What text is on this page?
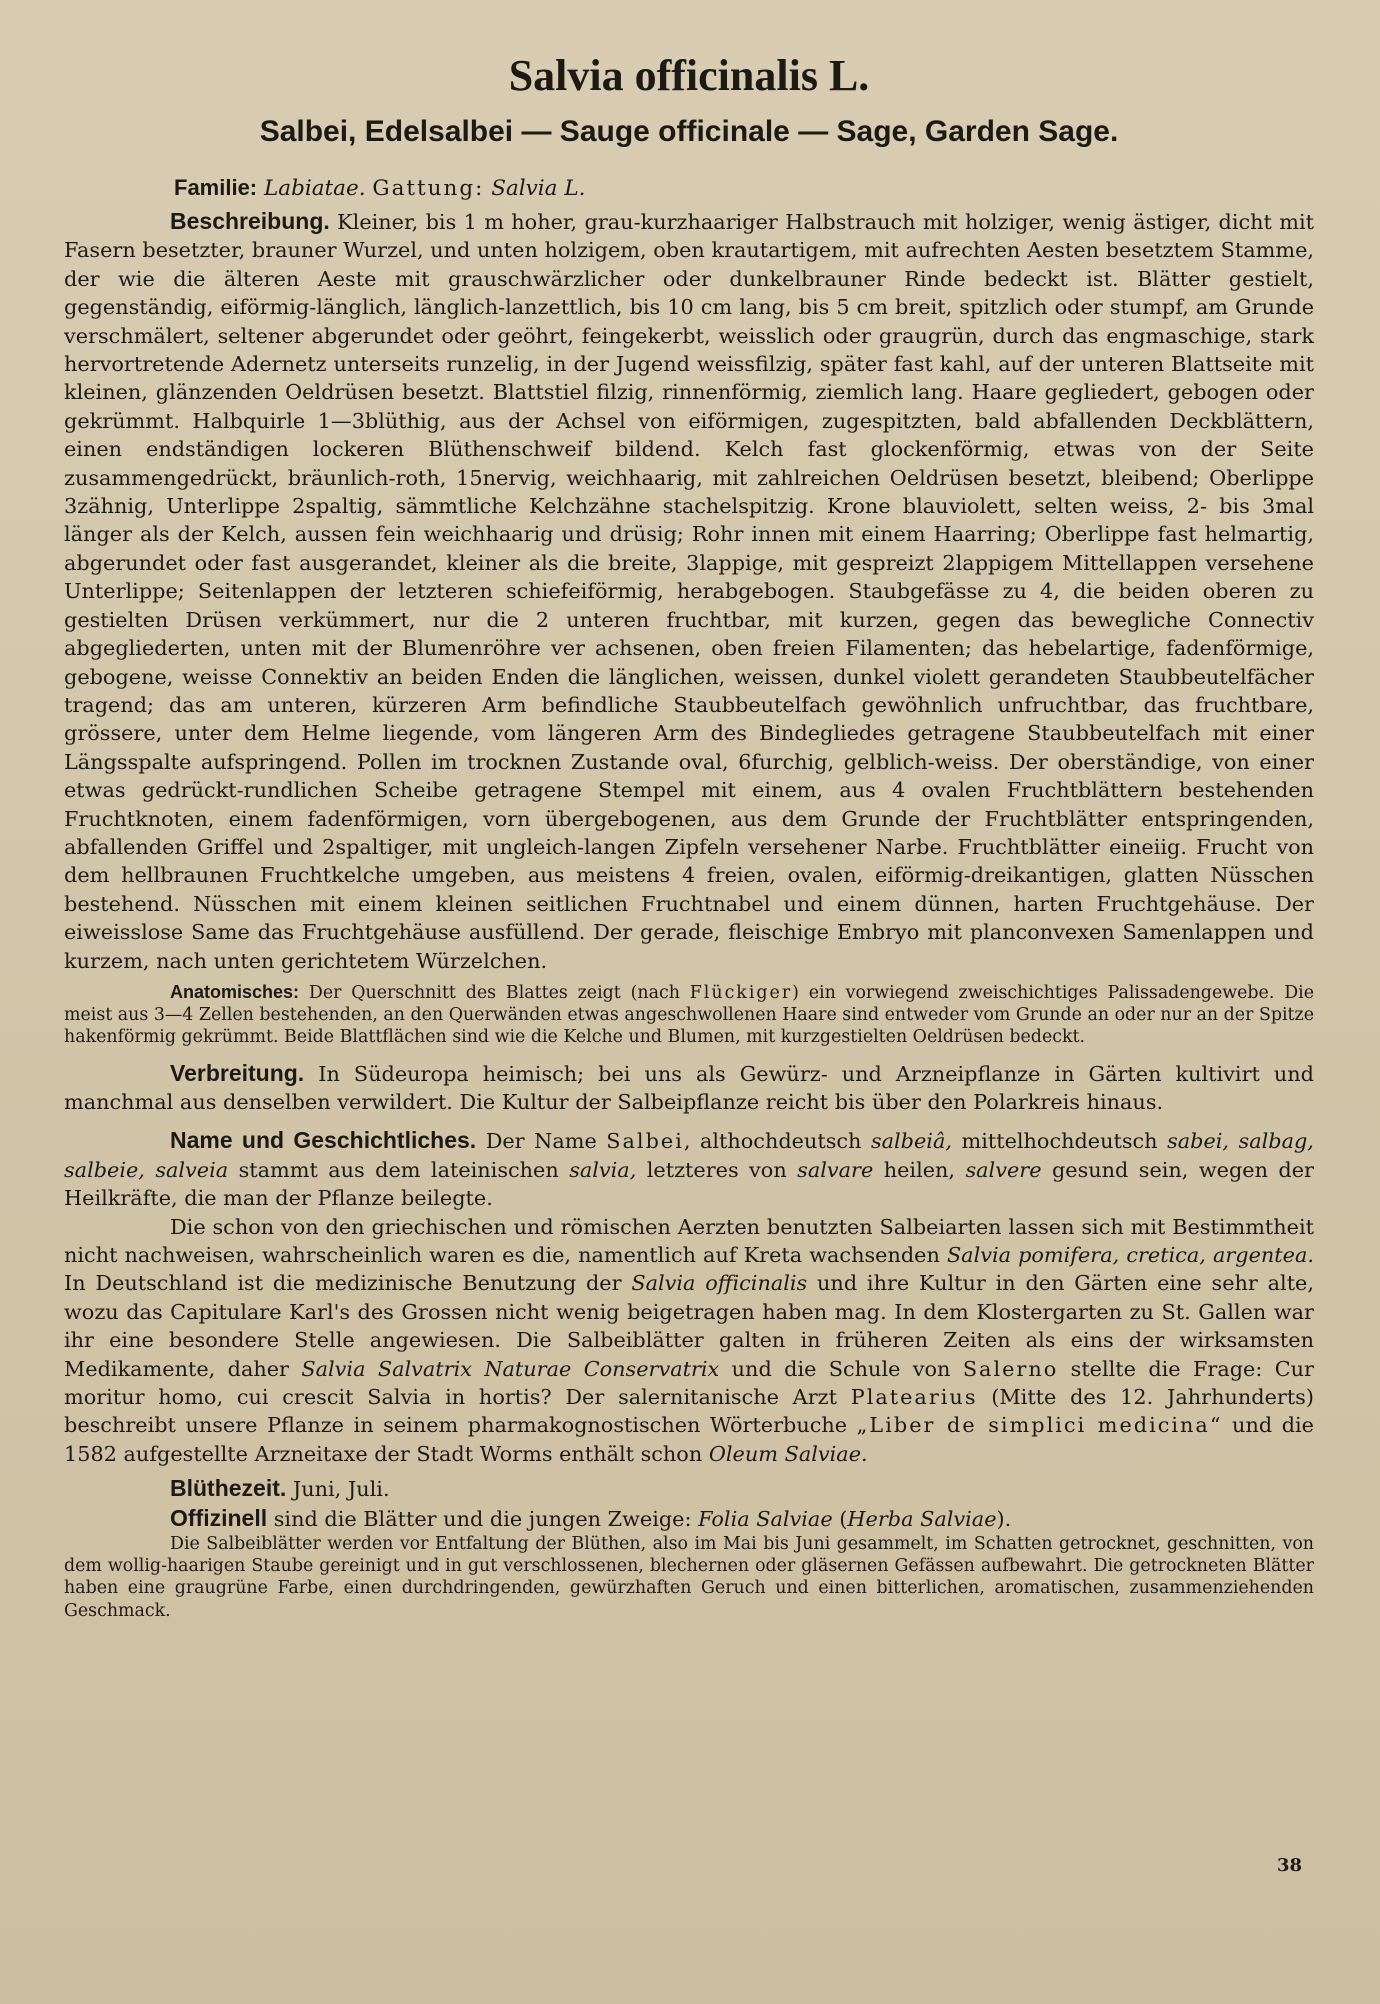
Salvia officinalis L.
Salbei, Edelsalbei — Sauge officinale — Sage, Garden Sage.
Familie: Labiatae. Gattung: Salvia L.

Beschreibung. Kleiner, bis 1 m hoher, grau-kurzhaariger Halbstrauch mit holziger, wenig ästiger, dicht mit Fasern besetzter, brauner Wurzel, und unten holzigem, oben krautartigem, mit aufrechten Aesten besetztem Stamme, der wie die älteren Aeste mit grauschwärzlicher oder dunkelbrauner Rinde bedeckt ist. Blätter gestielt, gegenständig, eiförmig-länglich, länglich-lanzettlich, bis 10 cm lang, bis 5 cm breit, spitzlich oder stumpf, am Grunde verschmälert, seltener abgerundet oder geöhrt, feingekerbt, weisslich oder graugrün, durch das engmaschige, stark hervortretende Adernetz unterseits runzelig, in der Jugend weissfilzig, später fast kahl, auf der unteren Blattseite mit kleinen, glänzenden Oeldrüsen besetzt. Blattstiel filzig, rinnenförmig, ziemlich lang. Haare gegliedert, gebogen oder gekrümmt. Halbquirle 1—3blüthig, aus der Achsel von eiförmigen, zugespitzten, bald abfallenden Deckblättern, einen endständigen lockeren Blüthenschweif bildend. Kelch fast glockenförmig, etwas von der Seite zusammengedrückt, bräunlich-roth, 15nervig, weichhaarig, mit zahlreichen Oeldrüsen besetzt, bleibend; Oberlippe 3zähnig, Unterlippe 2spaltig, sämmtliche Kelchzähne stachelspitzig. Krone blauviolett, selten weiss, 2- bis 3mal länger als der Kelch, aussen fein weichhaarig und drüsig; Rohr innen mit einem Haarring; Oberlippe fast helmartig, abgerundet oder fast ausgerandet, kleiner als die breite, 3lappige, mit gespreizt 2lappigem Mittellappen versehene Unterlippe; Seitenlappen der letzteren schiefeiförmig, herabgebogen. Staubgefässe zu 4, die beiden oberen zu gestielten Drüsen verkümmert, nur die 2 unteren fruchtbar, mit kurzen, gegen das bewegliche Connectiv abgegliederten, unten mit der Blumenröhre ver achsenen, oben freien Filamenten; das hebelartige, fadenförmige, gebogene, weisse Connektiv an beiden Enden die länglichen, weissen, dunkel violett gerandeten Staubbeutelfächer tragend; das am unteren, kürzeren Arm befindliche Staubbeutelfach gewöhnlich unfruchtbar, das fruchtbare, grössere, unter dem Helme liegende, vom längeren Arm des Bindegliedes getragene Staubbeutelfach mit einer Längsspalte aufspringend. Pollen im trocknen Zustande oval, 6furchig, gelblich-weiss. Der oberständige, von einer etwas gedrückt-rundlichen Scheibe getragene Stempel mit einem, aus 4 ovalen Fruchtblättern bestehenden Fruchtknoten, einem fadenförmigen, vorn übergebogenen, aus dem Grunde der Fruchtblätter entspringenden, abfallenden Griffel und 2spaltiger, mit ungleich-langen Zipfeln versehener Narbe. Fruchtblätter eineiig. Frucht von dem hellbraunen Fruchtkelche umgeben, aus meistens 4 freien, ovalen, eiförmig-dreikantigen, glatten Nüsschen bestehend. Nüsschen mit einem kleinen seitlichen Fruchtnabel und einem dünnen, harten Fruchtgehäuse. Der eiweisslose Same das Fruchtgehäuse ausfüllend. Der gerade, fleischige Embryo mit planconvexen Samenlappen und kurzem, nach unten gerichtetem Würzelchen.

Anatomisches: Der Querschnitt des Blattes zeigt (nach Flückiger) ein vorwiegend zweischichtiges Palissadengewebe. Die meist aus 3—4 Zellen bestehenden, an den Querwänden etwas angeschwollenen Haare sind entweder vom Grunde an oder nur an der Spitze hakenförmig gekrümmt. Beide Blattflächen sind wie die Kelche und Blumen, mit kurzgestielten Oeldrüsen bedeckt.

Verbreitung. In Südeuropa heimisch; bei uns als Gewürz- und Arzneipflanze in Gärten kultivirt und manchmal aus denselben verwildert. Die Kultur der Salbeipflanze reicht bis über den Polarkreis hinaus.

Name und Geschichtliches. Der Name Salbei, althochdeutsch salbeiâ, mittelhochdeutsch sabei, salbag, salbeie, salveia stammt aus dem lateinischen salvia, letzteres von salvare heilen, salvere gesund sein, wegen der Heilkräfte, die man der Pflanze beilegte.

Die schon von den griechischen und römischen Aerzten benutzten Salbeiarten lassen sich mit Bestimmtheit nicht nachweisen, wahrscheinlich waren es die, namentlich auf Kreta wachsenden Salvia pomifera, cretica, argentea. In Deutschland ist die medizinische Benutzung der Salvia officinalis und ihre Kultur in den Gärten eine sehr alte, wozu das Capitulare Karl's des Grossen nicht wenig beigetragen haben mag. In dem Klostergarten zu St. Gallen war ihr eine besondere Stelle angewiesen. Die Salbeiblätter galten in früheren Zeiten als eins der wirksamsten Medikamente, daher Salvia Salvatrix Naturae Conservatrix und die Schule von Salerno stellte die Frage: Cur moritur homo, cui crescit Salvia in hortis? Der salernitanische Arzt Platearius (Mitte des 12. Jahrhunderts) beschreibt unsere Pflanze in seinem pharmakognostischen Wörterbuche „Liber de simplici medicina“ und die 1582 aufgestellte Arzneitaxe der Stadt Worms enthält schon Oleum Salviae.

Blüthezeit. Juni, Juli.

Offizinell sind die Blätter und die jungen Zweige: Folia Salviae (Herba Salviae).

Die Salbeiblätter werden vor Entfaltung der Blüthen, also im Mai bis Juni gesammelt, im Schatten getrocknet, geschnitten, von dem wollig-haarigen Staube gereinigt und in gut verschlossenen, blechernen oder gläsernen Gefässen aufbewahrt. Die getrockneten Blätter haben eine graugrüne Farbe, einen durchdringenden, gewürzhaften Geruch und einen bitterlichen, aromatischen, zusammenziehenden Geschmack.

38
